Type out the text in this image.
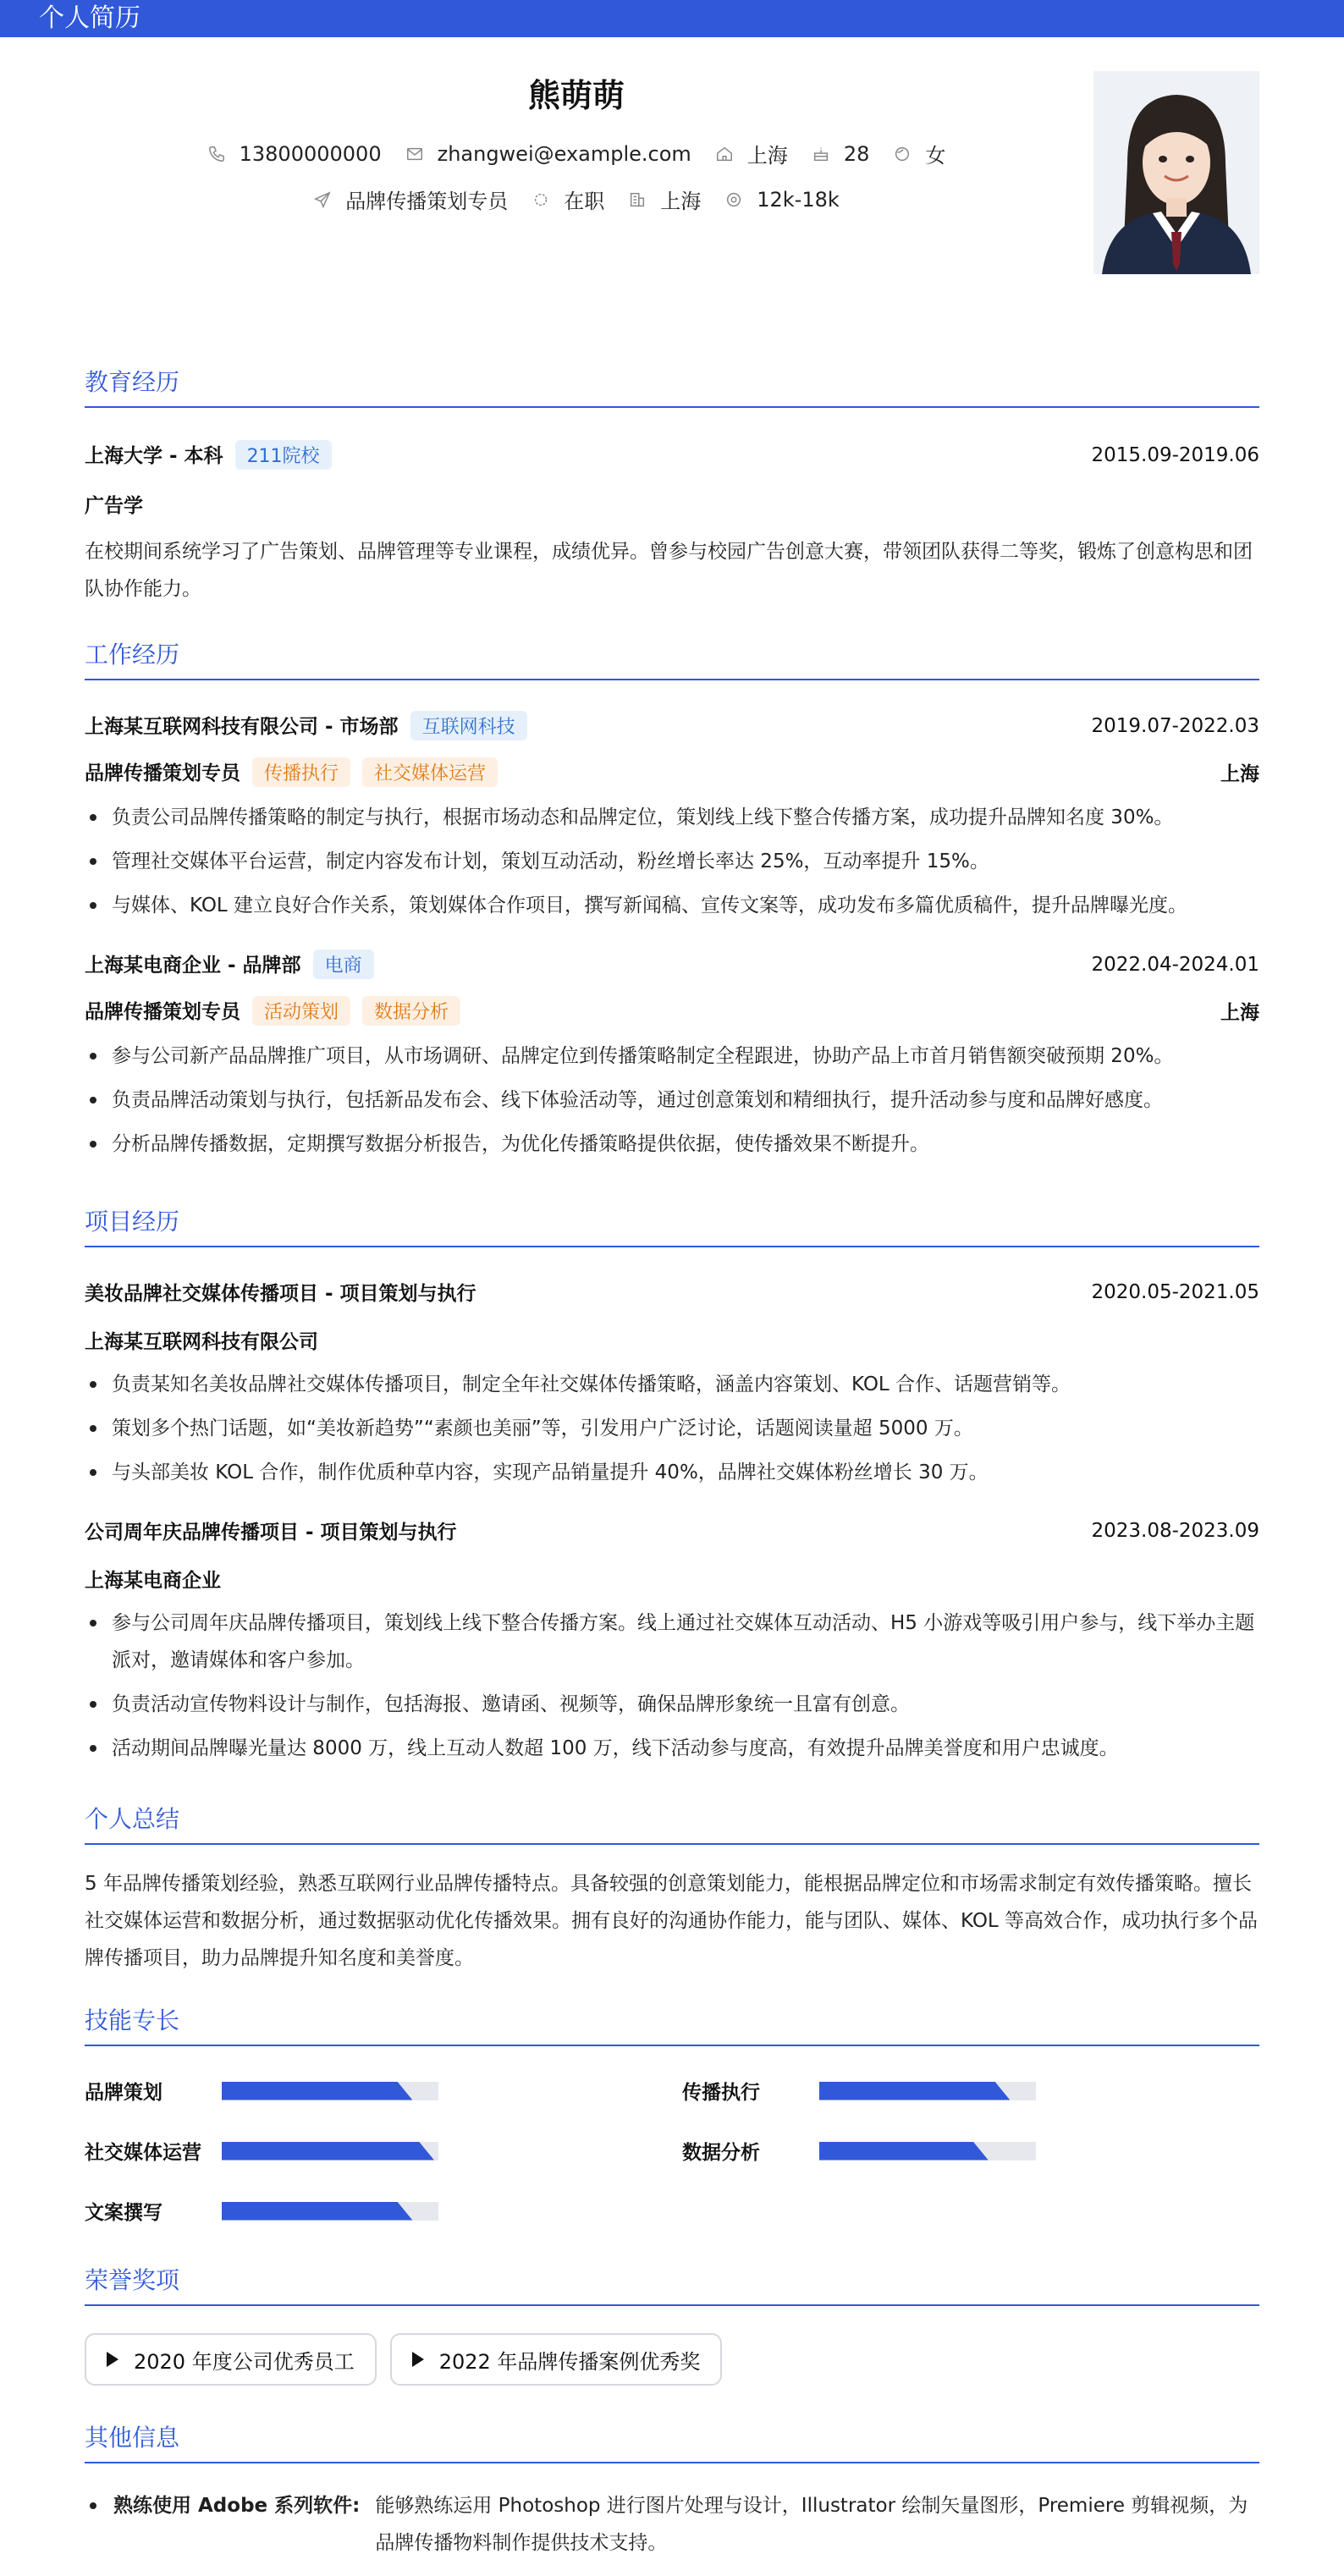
个人简历
熊萌萌
13800000000	zhangwei@example.com	上海	28	女
品牌传播策划专员	在职	上海	12k-18k
教育经历
上海大学 - 本科 211院校	2015.09-2019.06
广告学
在校期间系统学习了广告策划、品牌管理等专业课程，成绩优异。曾参与校园广告创意大赛，带领团队获得二等奖，锻炼了创意构思和团队协作能力。
工作经历
上海某互联网科技有限公司 - 市场部 互联网科技	2019.07-2022.03
品牌传播策划专员 传播执行 社交媒体运营	上海
负责公司品牌传播策略的制定与执行，根据市场动态和品牌定位，策划线上线下整合传播方案，成功提升品牌知名度 30%。
管理社交媒体平台运营，制定内容发布计划，策划互动活动，粉丝增长率达 25%，互动率提升 15%。
与媒体、KOL 建立良好合作关系，策划媒体合作项目，撰写新闻稿、宣传文案等，成功发布多篇优质稿件，提升品牌曝光度。
上海某电商企业 - 品牌部 电商	2022.04-2024.01
品牌传播策划专员 活动策划 数据分析	上海
参与公司新产品品牌推广项目，从市场调研、品牌定位到传播策略制定全程跟进，协助产品上市首月销售额突破预期 20%。
负责品牌活动策划与执行，包括新品发布会、线下体验活动等，通过创意策划和精细执行，提升活动参与度和品牌好感度。
分析品牌传播数据，定期撰写数据分析报告，为优化传播策略提供依据，使传播效果不断提升。
项目经历
美妆品牌社交媒体传播项目 - 项目策划与执行	2020.05-2021.05
上海某互联网科技有限公司
负责某知名美妆品牌社交媒体传播项目，制定全年社交媒体传播策略，涵盖内容策划、KOL 合作、话题营销等。
策划多个热门话题，如“美妆新趋势”“素颜也美丽”等，引发用户广泛讨论，话题阅读量超 5000 万。
与头部美妆 KOL 合作，制作优质种草内容，实现产品销量提升 40%，品牌社交媒体粉丝增长 30 万。
公司周年庆品牌传播项目 - 项目策划与执行	2023.08-2023.09
上海某电商企业
参与公司周年庆品牌传播项目，策划线上线下整合传播方案。线上通过社交媒体互动活动、H5 小游戏等吸引用户参与，线下举办主题派对，邀请媒体和客户参加。
负责活动宣传物料设计与制作，包括海报、邀请函、视频等，确保品牌形象统一且富有创意。
活动期间品牌曝光量达 8000 万，线上互动人数超 100 万，线下活动参与度高，有效提升品牌美誉度和用户忠诚度。
个人总结
5 年品牌传播策划经验，熟悉互联网行业品牌传播特点。具备较强的创意策划能力，能根据品牌定位和市场需求制定有效传播策略。擅长社交媒体运营和数据分析，通过数据驱动优化传播效果。拥有良好的沟通协作能力，能与团队、媒体、KOL 等高效合作，成功执行多个品牌传播项目，助力品牌提升知名度和美誉度。
技能专长
品牌策划	传播执行
社交媒体运营	数据分析
文案撰写
荣誉奖项
2020 年度公司优秀员工	2022 年品牌传播案例优秀奖
其他信息
熟练使用 Adobe 系列软件: 能够熟练运用 Photoshop 进行图片处理与设计，Illustrator 绘制矢量图形，Premiere 剪辑视频，为品牌传播物料制作提供技术支持。
